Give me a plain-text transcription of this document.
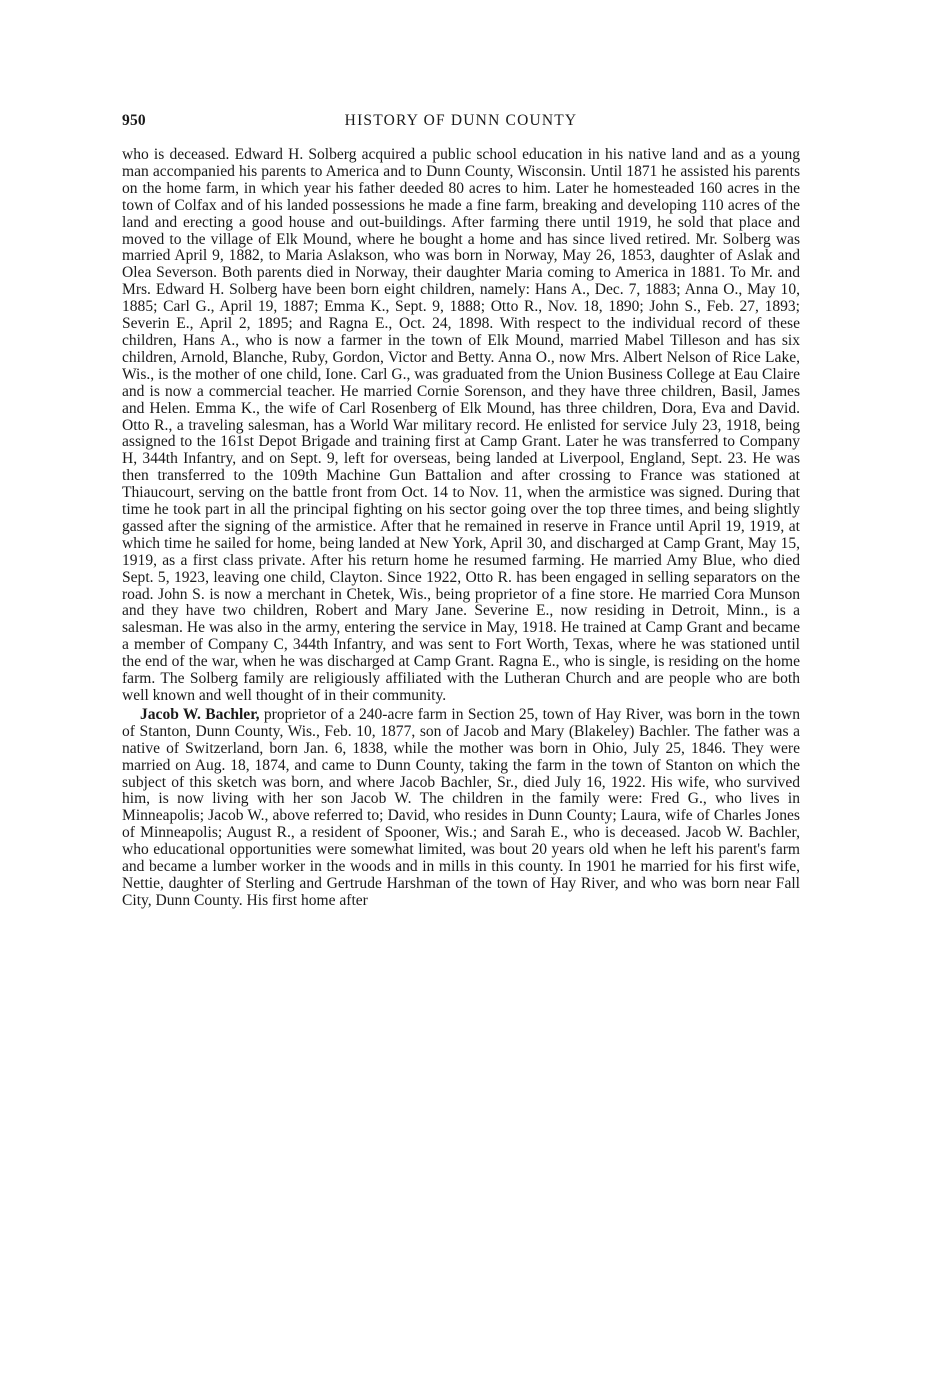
950	HISTORY OF DUNN COUNTY

who is deceased. Edward H. Solberg acquired a public school education in his native land and as a young man accompanied his parents to America and to Dunn County, Wisconsin. Until 1871 he assisted his parents on the home farm, in which year his father deeded 80 acres to him. Later he homesteaded 160 acres in the town of Colfax and of his landed possessions he made a fine farm, breaking and developing 110 acres of the land and erecting a good house and out-buildings. After farming there until 1919, he sold that place and moved to the village of Elk Mound, where he bought a home and has since lived retired. Mr. Solberg was married April 9, 1882, to Maria Aslakson, who was born in Norway, May 26, 1853, daughter of Aslak and Olea Severson. Both parents died in Norway, their daughter Maria coming to America in 1881. To Mr. and Mrs. Edward H. Solberg have been born eight children, namely: Hans A., Dec. 7, 1883; Anna O., May 10, 1885; Carl G., April 19, 1887; Emma K., Sept. 9, 1888; Otto R., Nov. 18, 1890; John S., Feb. 27, 1893; Severin E., April 2, 1895; and Ragna E., Oct. 24, 1898. With respect to the individual record of these children, Hans A., who is now a farmer in the town of Elk Mound, married Mabel Tilleson and has six children, Arnold, Blanche, Ruby, Gordon, Victor and Betty. Anna O., now Mrs. Albert Nelson of Rice Lake, Wis., is the mother of one child, Ione. Carl G., was graduated from the Union Business College at Eau Claire and is now a commercial teacher. He married Cornie Sorenson, and they have three children, Basil, James and Helen. Emma K., the wife of Carl Rosenberg of Elk Mound, has three children, Dora, Eva and David. Otto R., a traveling salesman, has a World War military record. He enlisted for service July 23, 1918, being assigned to the 161st Depot Brigade and training first at Camp Grant. Later he was transferred to Company H, 344th Infantry, and on Sept. 9, left for overseas, being landed at Liverpool, England, Sept. 23. He was then transferred to the 109th Machine Gun Battalion and after crossing to France was stationed at Thiaucourt, serving on the battle front from Oct. 14 to Nov. 11, when the armistice was signed. During that time he took part in all the principal fighting on his sector going over the top three times, and being slightly gassed after the signing of the armistice. After that he remained in reserve in France until April 19, 1919, at which time he sailed for home, being landed at New York, April 30, and discharged at Camp Grant, May 15, 1919, as a first class private. After his return home he resumed farming. He married Amy Blue, who died Sept. 5, 1923, leaving one child, Clayton. Since 1922, Otto R. has been engaged in selling separators on the road. John S. is now a merchant in Chetek, Wis., being proprietor of a fine store. He married Cora Munson and they have two children, Robert and Mary Jane. Severine E., now residing in Detroit, Minn., is a salesman. He was also in the army, entering the service in May, 1918. He trained at Camp Grant and became a member of Company C, 344th Infantry, and was sent to Fort Worth, Texas, where he was stationed until the end of the war, when he was discharged at Camp Grant. Ragna E., who is single, is residing on the home farm. The Solberg family are religiously affiliated with the Lutheran Church and are people who are both well known and well thought of in their community.

Jacob W. Bachler, proprietor of a 240-acre farm in Section 25, town of Hay River, was born in the town of Stanton, Dunn County, Wis., Feb. 10, 1877, son of Jacob and Mary (Blakeley) Bachler. The father was a native of Switzerland, born Jan. 6, 1838, while the mother was born in Ohio, July 25, 1846. They were married on Aug. 18, 1874, and came to Dunn County, taking the farm in the town of Stanton on which the subject of this sketch was born, and where Jacob Bachler, Sr., died July 16, 1922. His wife, who survived him, is now living with her son Jacob W. The children in the family were: Fred G., who lives in Minneapolis; Jacob W., above referred to; David, who resides in Dunn County; Laura, wife of Charles Jones of Minneapolis; August R., a resident of Spooner, Wis.; and Sarah E., who is deceased. Jacob W. Bachler, who educational opportunities were somewhat limited, was bout 20 years old when he left his parent's farm and became a lumber worker in the woods and in mills in this county. In 1901 he married for his first wife, Nettie, daughter of Sterling and Gertrude Harshman of the town of Hay River, and who was born near Fall City, Dunn County. His first home after
